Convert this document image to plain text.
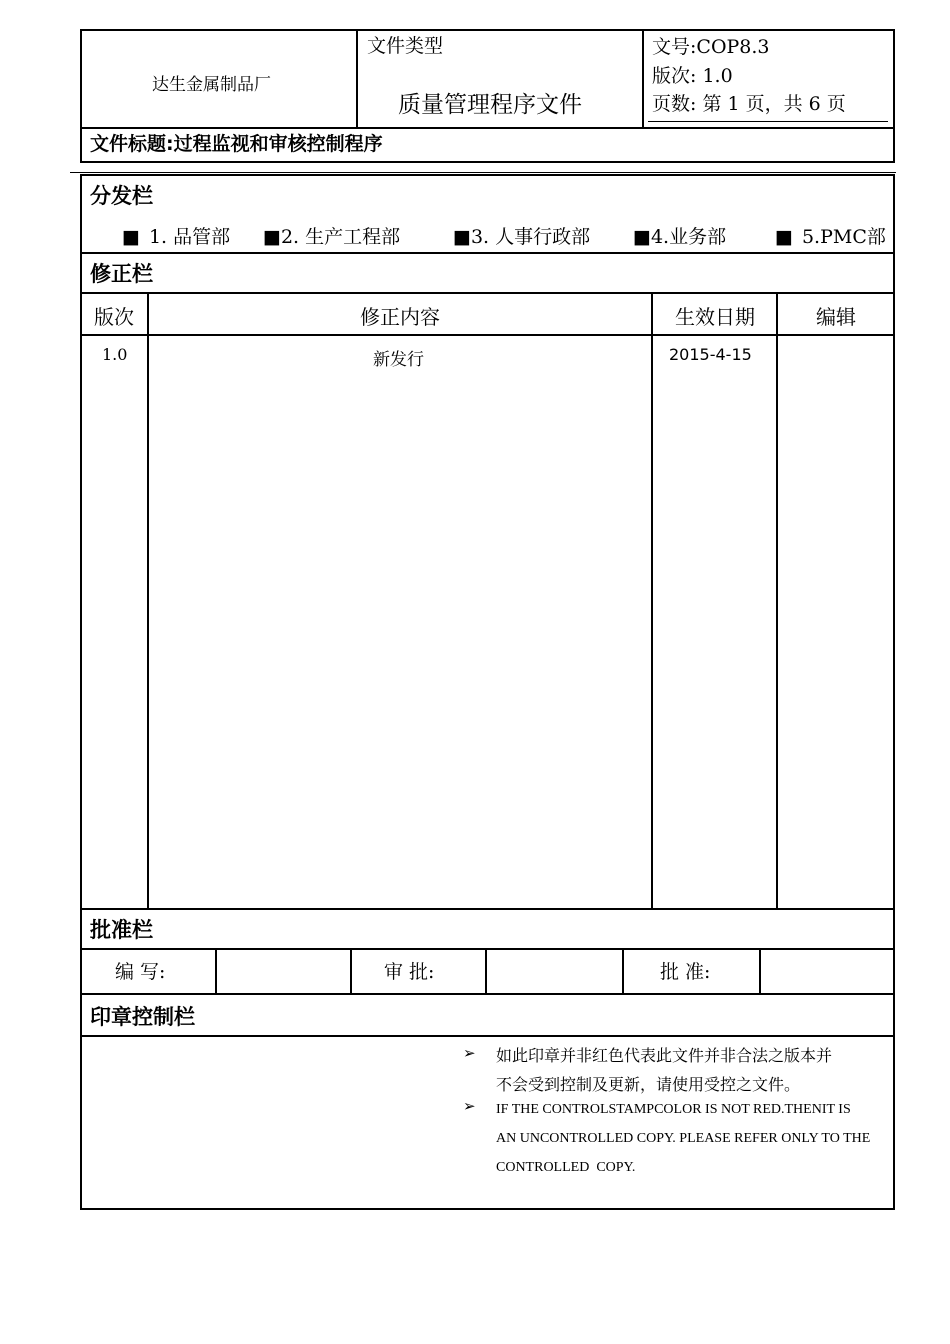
达生金属制品厂
文件类型
质量管理程序文件
文号:COP8.3
版次: 1.0
页数: 第 1 页，共 6 页
文件标题:过程监视和审核控制程序
分发栏
■ 1. 品管部 ■2. 生产工程部	■3. 人事行政部 ■4.业务部	■ 5.PMC部
修正栏
版次	修正内容	生效日期	编辑
1.0	新发行	2015-4-15
批准栏
编 写:	审 批:	批 准:
印章控制栏
➢ 如此印章并非红色代表此文件并非合法之版本并
不会受到控制及更新，请使用受控之文件。
➢ IF THE CONTROLSTAMPCOLOR IS NOT RED.THENIT IS
AN UNCONTROLLED COPY. PLEASE REFER ONLY TO THE
CONTROLLED  COPY.
